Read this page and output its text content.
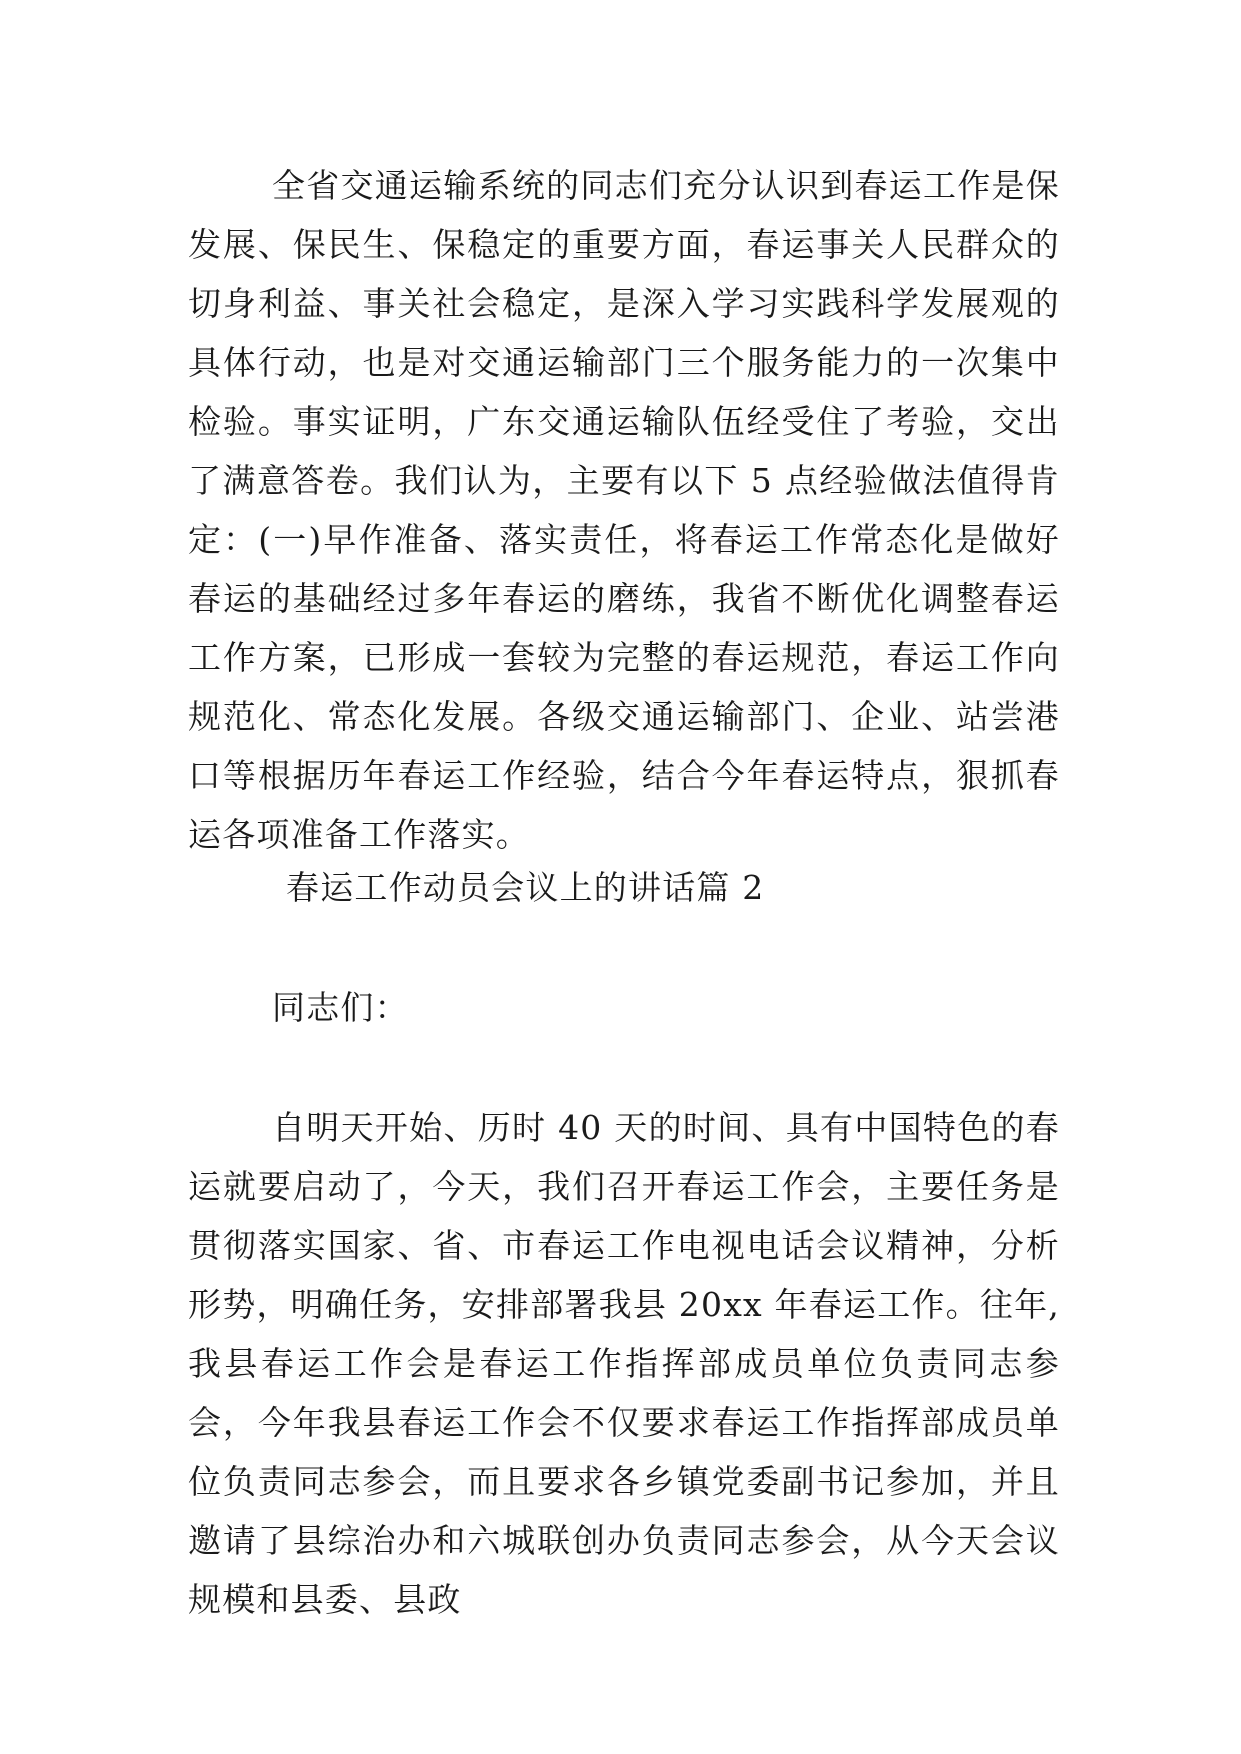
全省交通运输系统的同志们充分认识到春运工作是保发展、保民生、保稳定的重要方面，春运事关人民群众的切身利益、事关社会稳定，是深入学习实践科学发展观的具体行动，也是对交通运输部门三个服务能力的一次集中检验。事实证明，广东交通运输队伍经受住了考验，交出了满意答卷。我们认为，主要有以下 5 点经验做法值得肯定：(一)早作准备、落实责任，将春运工作常态化是做好春运的基础经过多年春运的磨练，我省不断优化调整春运工作方案，已形成一套较为完整的春运规范，春运工作向规范化、常态化发展。各级交通运输部门、企业、站尝港口等根据历年春运工作经验，结合今年春运特点，狠抓春运各项准备工作落实。

春运工作动员会议上的讲话篇 2

同志们：

自明天开始、历时 40 天的时间、具有中国特色的春运就要启动了，今天，我们召开春运工作会，主要任务是贯彻落实国家、省、市春运工作电视电话会议精神，分析形势，明确任务，安排部署我县 20xx 年春运工作。往年,我县春运工作会是春运工作指挥部成员单位负责同志参会，今年我县春运工作会不仅要求春运工作指挥部成员单位负责同志参会，而且要求各乡镇党委副书记参加，并且邀请了县综治办和六城联创办负责同志参会，从今天会议规模和县委、县政
